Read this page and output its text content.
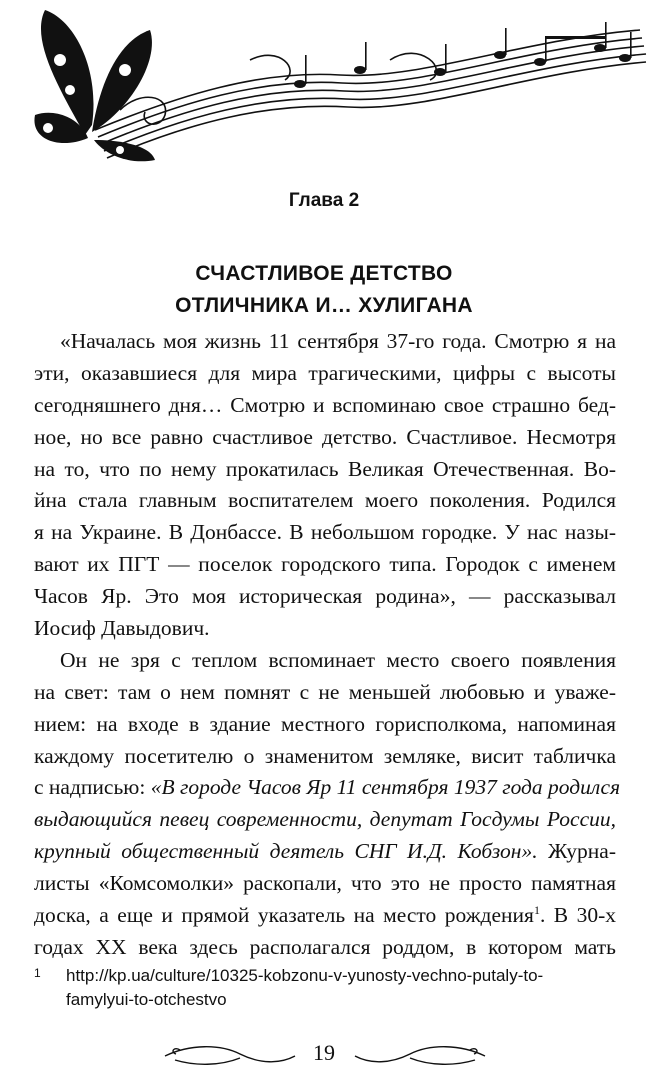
Глава 2
СЧАСТЛИВОЕ ДЕТСТВО
ОТЛИЧНИКА И… ХУЛИГАНА
«Началась моя жизнь 11 сентября 37-го года. Смотрю я на
эти, оказавшиеся для мира трагическими, цифры с высоты
сегодняшнего дня… Смотрю и вспоминаю свое страшно бед-
ное, но все равно счастливое детство. Счастливое. Несмотря
на то, что по нему прокатилась Великая Отечественная. Во-
йна стала главным воспитателем моего поколения. Родился
я на Украине. В Донбассе. В небольшом городке. У нас назы-
вают их ПГТ — поселок городского типа. Городок с именем
Часов Яр. Это моя историческая родина», — рассказывал
Иосиф Давыдович.
Он не зря с теплом вспоминает место своего появления
на свет: там о нем помнят с не меньшей любовью и уваже-
нием: на входе в здание местного горисполкома, напоминая
каждому посетителю о знаменитом земляке, висит табличка
с надписью: «В городе Часов Яр 11 сентября 1937 года родился
выдающийся певец современности, депутат Госдумы России,
крупный общественный деятель СНГ И.Д. Кобзон». Журна-
листы «Комсомолки» раскопали, что это не просто памятная
доска, а еще и прямой указатель на место рождения$^1$. В 30-х
годах XX века здесь располагался роддом, в котором мать
1	http://kp.ua/culture/10325-kobzonu-v-yunosty-vechno-putaly-to-
famylyui-to-otchestvo
19
